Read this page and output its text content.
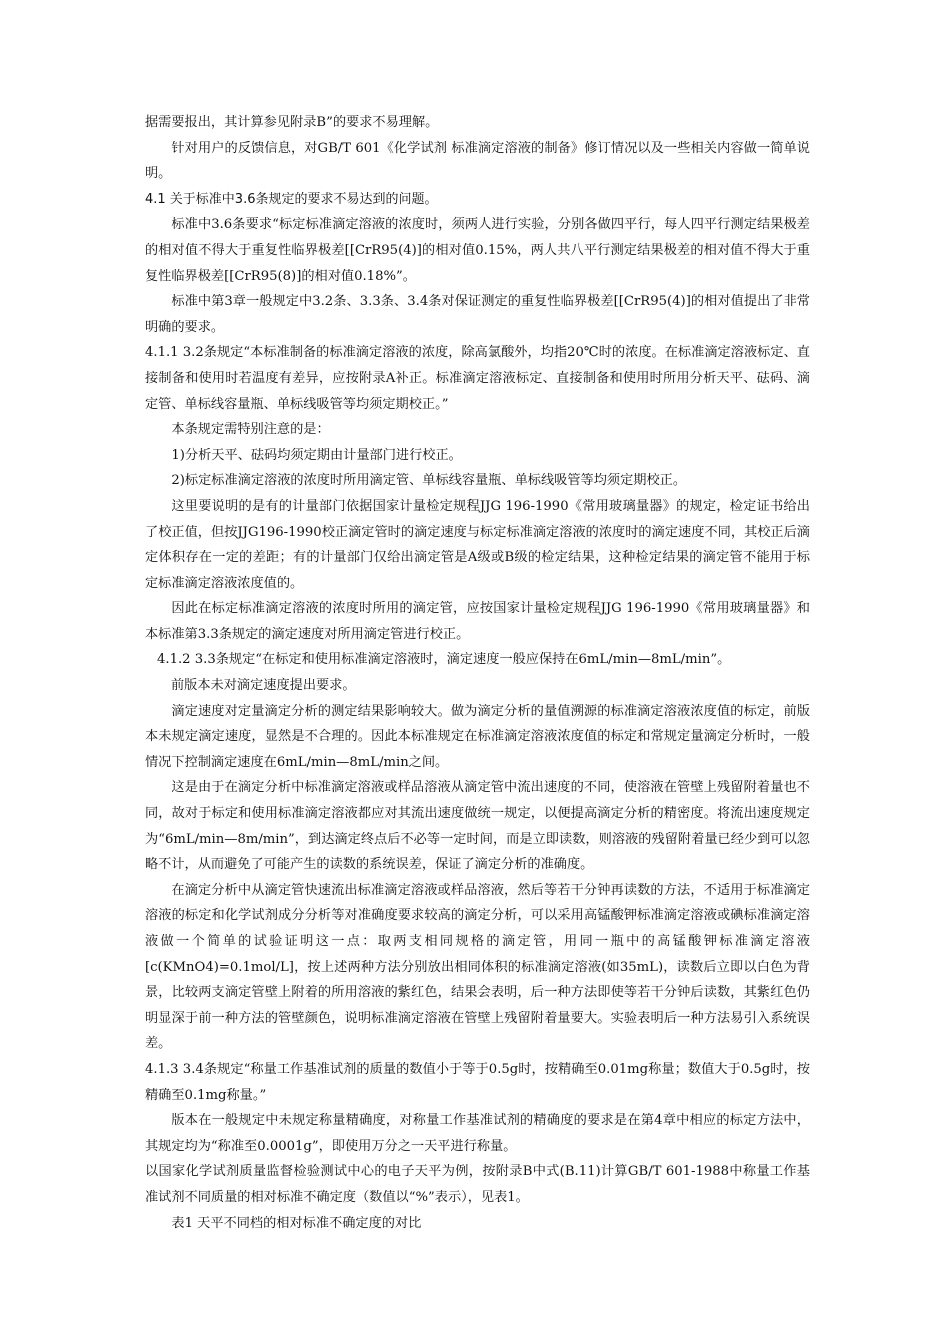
据需要报出，其计算参见附录B”的要求不易理解。

针对用户的反馈信息，对GB/T 601《化学试剂 标准滴定溶液的制备》修订情况以及一些相关内容做一简单说明。

4.1 关于标准中3.6条规定的要求不易达到的问题。

标准中3.6条要求“标定标准滴定溶液的浓度时，须两人进行实验，分别各做四平行，每人四平行测定结果极差的相对值不得大于重复性临界极差[[CrR95(4)]的相对值0.15%，两人共八平行测定结果极差的相对值不得大于重复性临界极差[[CrR95(8)]的相对值0.18%”。

标准中第3章一般规定中3.2条、3.3条、3.4条对保证测定的重复性临界极差[[CrR95(4)]的相对值提出了非常明确的要求。

4.1.1 3.2条规定“本标准制备的标准滴定溶液的浓度，除高氯酸外，均指20℃时的浓度。在标准滴定溶液标定、直接制备和使用时若温度有差异，应按附录A补正。标准滴定溶液标定、直接制备和使用时所用分析天平、砝码、滴定管、单标线容量瓶、单标线吸管等均须定期校正。”

本条规定需特别注意的是：

1)分析天平、砝码均须定期由计量部门进行校正。

2)标定标准滴定溶液的浓度时所用滴定管、单标线容量瓶、单标线吸管等均须定期校正。

这里要说明的是有的计量部门依据国家计量检定规程JJG 196-1990《常用玻璃量器》的规定，检定证书给出了校正值，但按JJG196-1990校正滴定管时的滴定速度与标定标准滴定溶液的浓度时的滴定速度不同，其校正后滴定体积存在一定的差距；有的计量部门仅给出滴定管是A级或B级的检定结果，这种检定结果的滴定管不能用于标定标准滴定溶液浓度值的。

因此在标定标准滴定溶液的浓度时所用的滴定管，应按国家计量检定规程JJG 196-1990《常用玻璃量器》和本标准第3.3条规定的滴定速度对所用滴定管进行校正。

4.1.2 3.3条规定“在标定和使用标准滴定溶液时，滴定速度一般应保持在6mL/min—8mL/min”。

前版本未对滴定速度提出要求。

滴定速度对定量滴定分析的测定结果影响较大。做为滴定分析的量值溯源的标准滴定溶液浓度值的标定，前版本未规定滴定速度，显然是不合理的。因此本标准规定在标准滴定溶液浓度值的标定和常规定量滴定分析时，一般情况下控制滴定速度在6mL/min—8mL/min之间。

这是由于在滴定分析中标准滴定溶液或样品溶液从滴定管中流出速度的不同，使溶液在管壁上残留附着量也不同，故对于标定和使用标准滴定溶液都应对其流出速度做统一规定，以便提高滴定分析的精密度。将流出速度规定为“6mL/min—8m/min”，到达滴定终点后不必等一定时间，而是立即读数，则溶液的残留附着量已经少到可以忽略不计，从而避免了可能产生的读数的系统误差，保证了滴定分析的准确度。

在滴定分析中从滴定管快速流出标准滴定溶液或样品溶液，然后等若干分钟再读数的方法，不适用于标准滴定溶液的标定和化学试剂成分分析等对准确度要求较高的滴定分析，可以采用高锰酸钾标准滴定溶液或碘标准滴定溶液做一个简单的试验证明这一点：取两支相同规格的滴定管，用同一瓶中的高锰酸钾标准滴定溶液[c(KMnO4)=0.1mol/L]，按上述两种方法分别放出相同体积的标准滴定溶液(如35mL)，读数后立即以白色为背景，比较两支滴定管壁上附着的所用溶液的紫红色，结果会表明，后一种方法即使等若干分钟后读数，其紫红色仍明显深于前一种方法的管壁颜色，说明标准滴定溶液在管壁上残留附着量要大。实验表明后一种方法易引入系统误差。

4.1.3 3.4条规定“称量工作基准试剂的质量的数值小于等于0.5g时，按精确至0.01mg称量；数值大于0.5g时，按精确至0.1mg称量。”

版本在一般规定中未规定称量精确度，对称量工作基准试剂的精确度的要求是在第4章中相应的标定方法中，其规定均为“称准至0.0001g”，即使用万分之一天平进行称量。

以国家化学试剂质量监督检验测试中心的电子天平为例，按附录B中式(B.11)计算GB/T 601-1988中称量工作基准试剂不同质量的相对标准不确定度（数值以“%”表示），见表1。

表1 天平不同档的相对标准不确定度的对比
